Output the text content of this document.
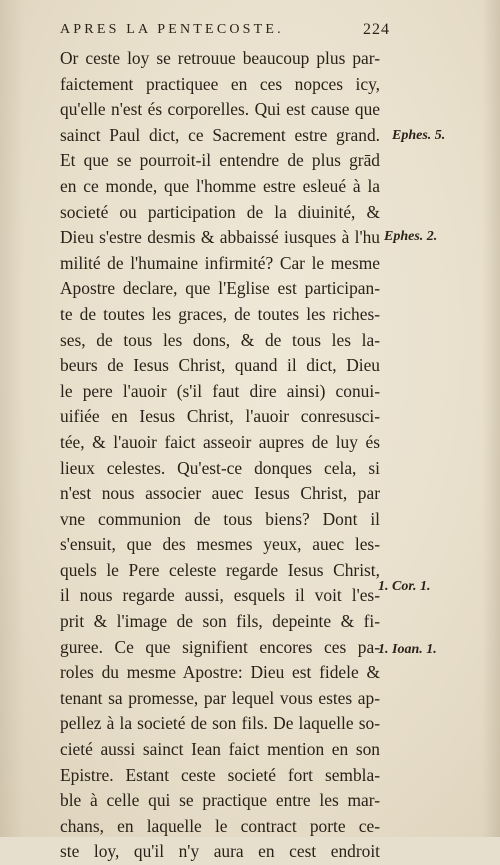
APRES LA PENTECOSTE.	224
Or ceste loy se retrouue beaucoup plus par-
faictement practiquee en ces nopces icy,
qu'elle n'est és corporelles. Qui est cause que
sainct Paul dict, ce Sacrement estre grand.
Et que se pourroit-il entendre de plus grād
en ce monde, que l'homme estre esleué à la
societé ou participation de la diuinité, &
Dieu s'estre desmis & abbaissé iusques à l'hu
milité de l'humaine infirmité? Car le mesme
Apostre declare, que l'Eglise est participan-
te de toutes les graces, de toutes les riches-
ses, de tous les dons, & de tous les la-
beurs de Iesus Christ, quand il dict, Dieu
le pere l'auoir (s'il faut dire ainsi) conui-
uifiée en Iesus Christ, l'auoir conresusci-
tée, & l'auoir faict asseoir aupres de luy és
lieux celestes. Qu'est-ce donques cela, si
n'est nous associer auec Iesus Christ, par
vne communion de tous biens? Dont il
s'ensuit, que des mesmes yeux, auec les-
quels le Pere celeste regarde Iesus Christ,
il nous regarde aussi, esquels il voit l'es-
prit & l'image de son fils, depeinte & fi-
guree. Ce que signifient encores ces pa-
roles du mesme Apostre: Dieu est fidele &
tenant sa promesse, par lequel vous estes ap-
pellez à la societé de son fils. De laquelle so-
cieté aussi sainct Iean faict mention en son
Epistre. Estant ceste societé fort sembla-
ble à celle qui se practique entre les mar-
chans, en laquelle le contract porte ce-
ste loy, qu'il n'y aura en cest endroit
Ephes. 5.
Ephes. 2.
1. Cor. 1.
1. Ioan. 1.
